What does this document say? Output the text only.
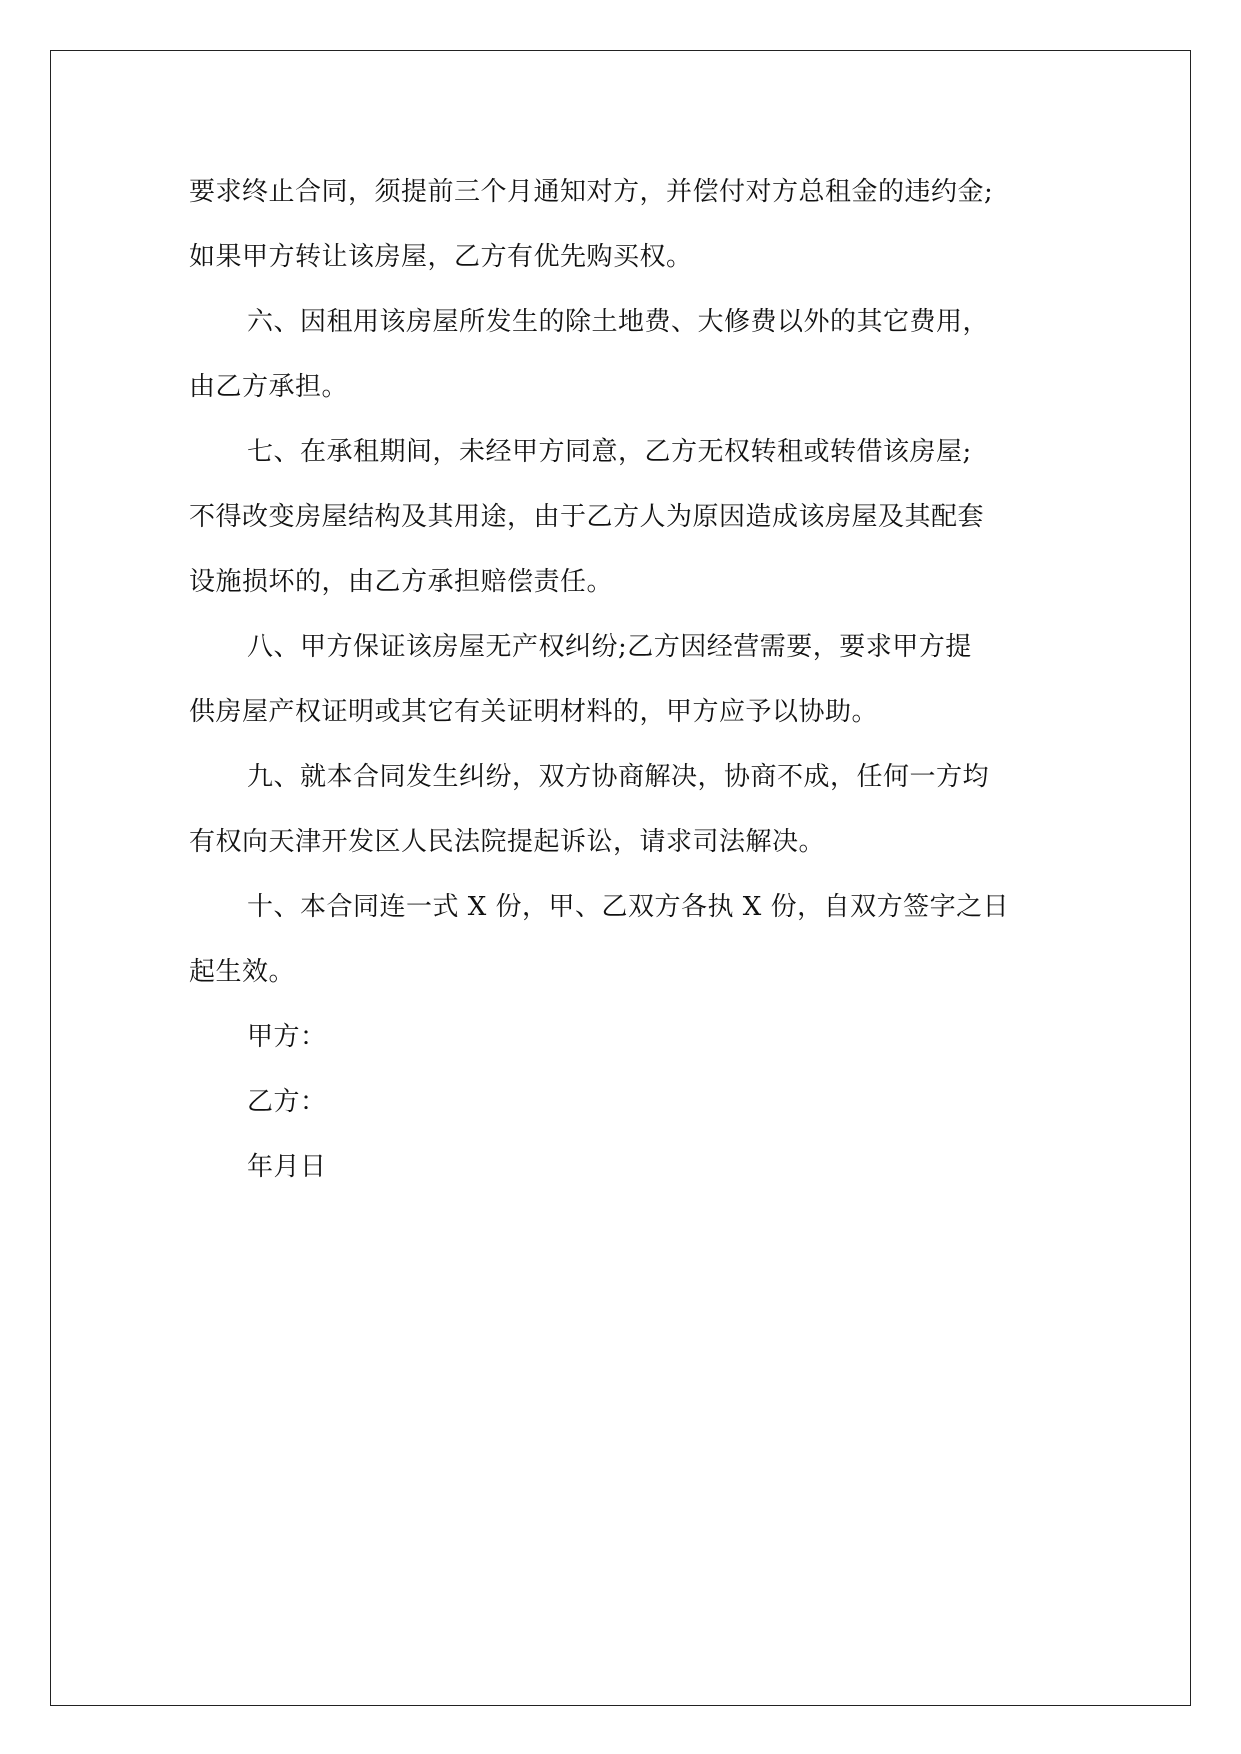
要求终止合同，须提前三个月通知对方，并偿付对方总租金的违约金;
如果甲方转让该房屋，乙方有优先购买权。
六、因租用该房屋所发生的除土地费、大修费以外的其它费用，
由乙方承担。
七、在承租期间，未经甲方同意，乙方无权转租或转借该房屋;
不得改变房屋结构及其用途，由于乙方人为原因造成该房屋及其配套
设施损坏的，由乙方承担赔偿责任。
八、甲方保证该房屋无产权纠纷;乙方因经营需要，要求甲方提
供房屋产权证明或其它有关证明材料的，甲方应予以协助。
九、就本合同发生纠纷，双方协商解决，协商不成，任何一方均
有权向天津开发区人民法院提起诉讼，请求司法解决。
十、本合同连一式 X 份，甲、乙双方各执 X 份，自双方签字之日
起生效。
甲方：
乙方：
年月日
